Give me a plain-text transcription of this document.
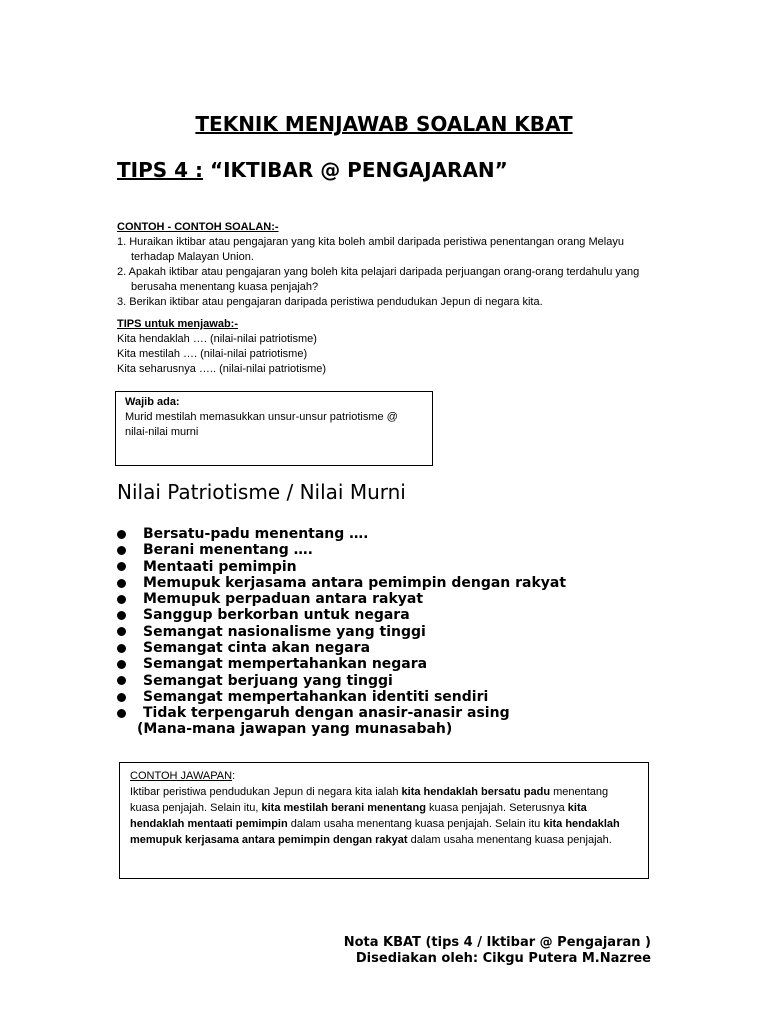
TEKNIK MENJAWAB SOALAN KBAT
TIPS 4 : “IKTIBAR @ PENGAJARAN”
CONTOH - CONTOH SOALAN:-
1. Huraikan iktibar atau pengajaran yang kita boleh ambil daripada peristiwa penentangan orang Melayu terhadap Malayan Union.
2. Apakah iktibar atau pengajaran yang boleh kita pelajari daripada perjuangan orang-orang terdahulu yang berusaha menentang kuasa penjajah?
3. Berikan iktibar atau pengajaran daripada peristiwa pendudukan Jepun di negara kita.
TIPS untuk menjawab:-
Kita hendaklah …. (nilai-nilai patriotisme)
Kita mestilah …. (nilai-nilai patriotisme)
Kita seharusnya ….. (nilai-nilai patriotisme)
Wajib ada:
Murid mestilah memasukkan unsur-unsur patriotisme @ nilai-nilai murni
Nilai Patriotisme / Nilai Murni
Bersatu-padu menentang ….
Berani menentang ….
Mentaati pemimpin
Memupuk kerjasama antara pemimpin dengan rakyat
Memupuk perpaduan antara rakyat
Sanggup berkorban untuk negara
Semangat nasionalisme yang tinggi
Semangat cinta akan negara
Semangat mempertahankan negara
Semangat berjuang yang tinggi
Semangat mempertahankan identiti sendiri
Tidak terpengaruh dengan anasir-anasir asing
(Mana-mana jawapan yang munasabah)
CONTOH JAWAPAN:
Iktibar peristiwa pendudukan Jepun di negara kita ialah kita hendaklah bersatu padu menentang kuasa penjajah. Selain itu, kita mestilah berani menentang kuasa penjajah. Seterusnya kita hendaklah mentaati pemimpin dalam usaha menentang kuasa penjajah. Selain itu kita hendaklah memupuk kerjasama antara pemimpin dengan rakyat dalam usaha menentang kuasa penjajah.
Nota KBAT (tips 4 / Iktibar @ Pengajaran )
Disediakan oleh: Cikgu Putera M.Nazree
